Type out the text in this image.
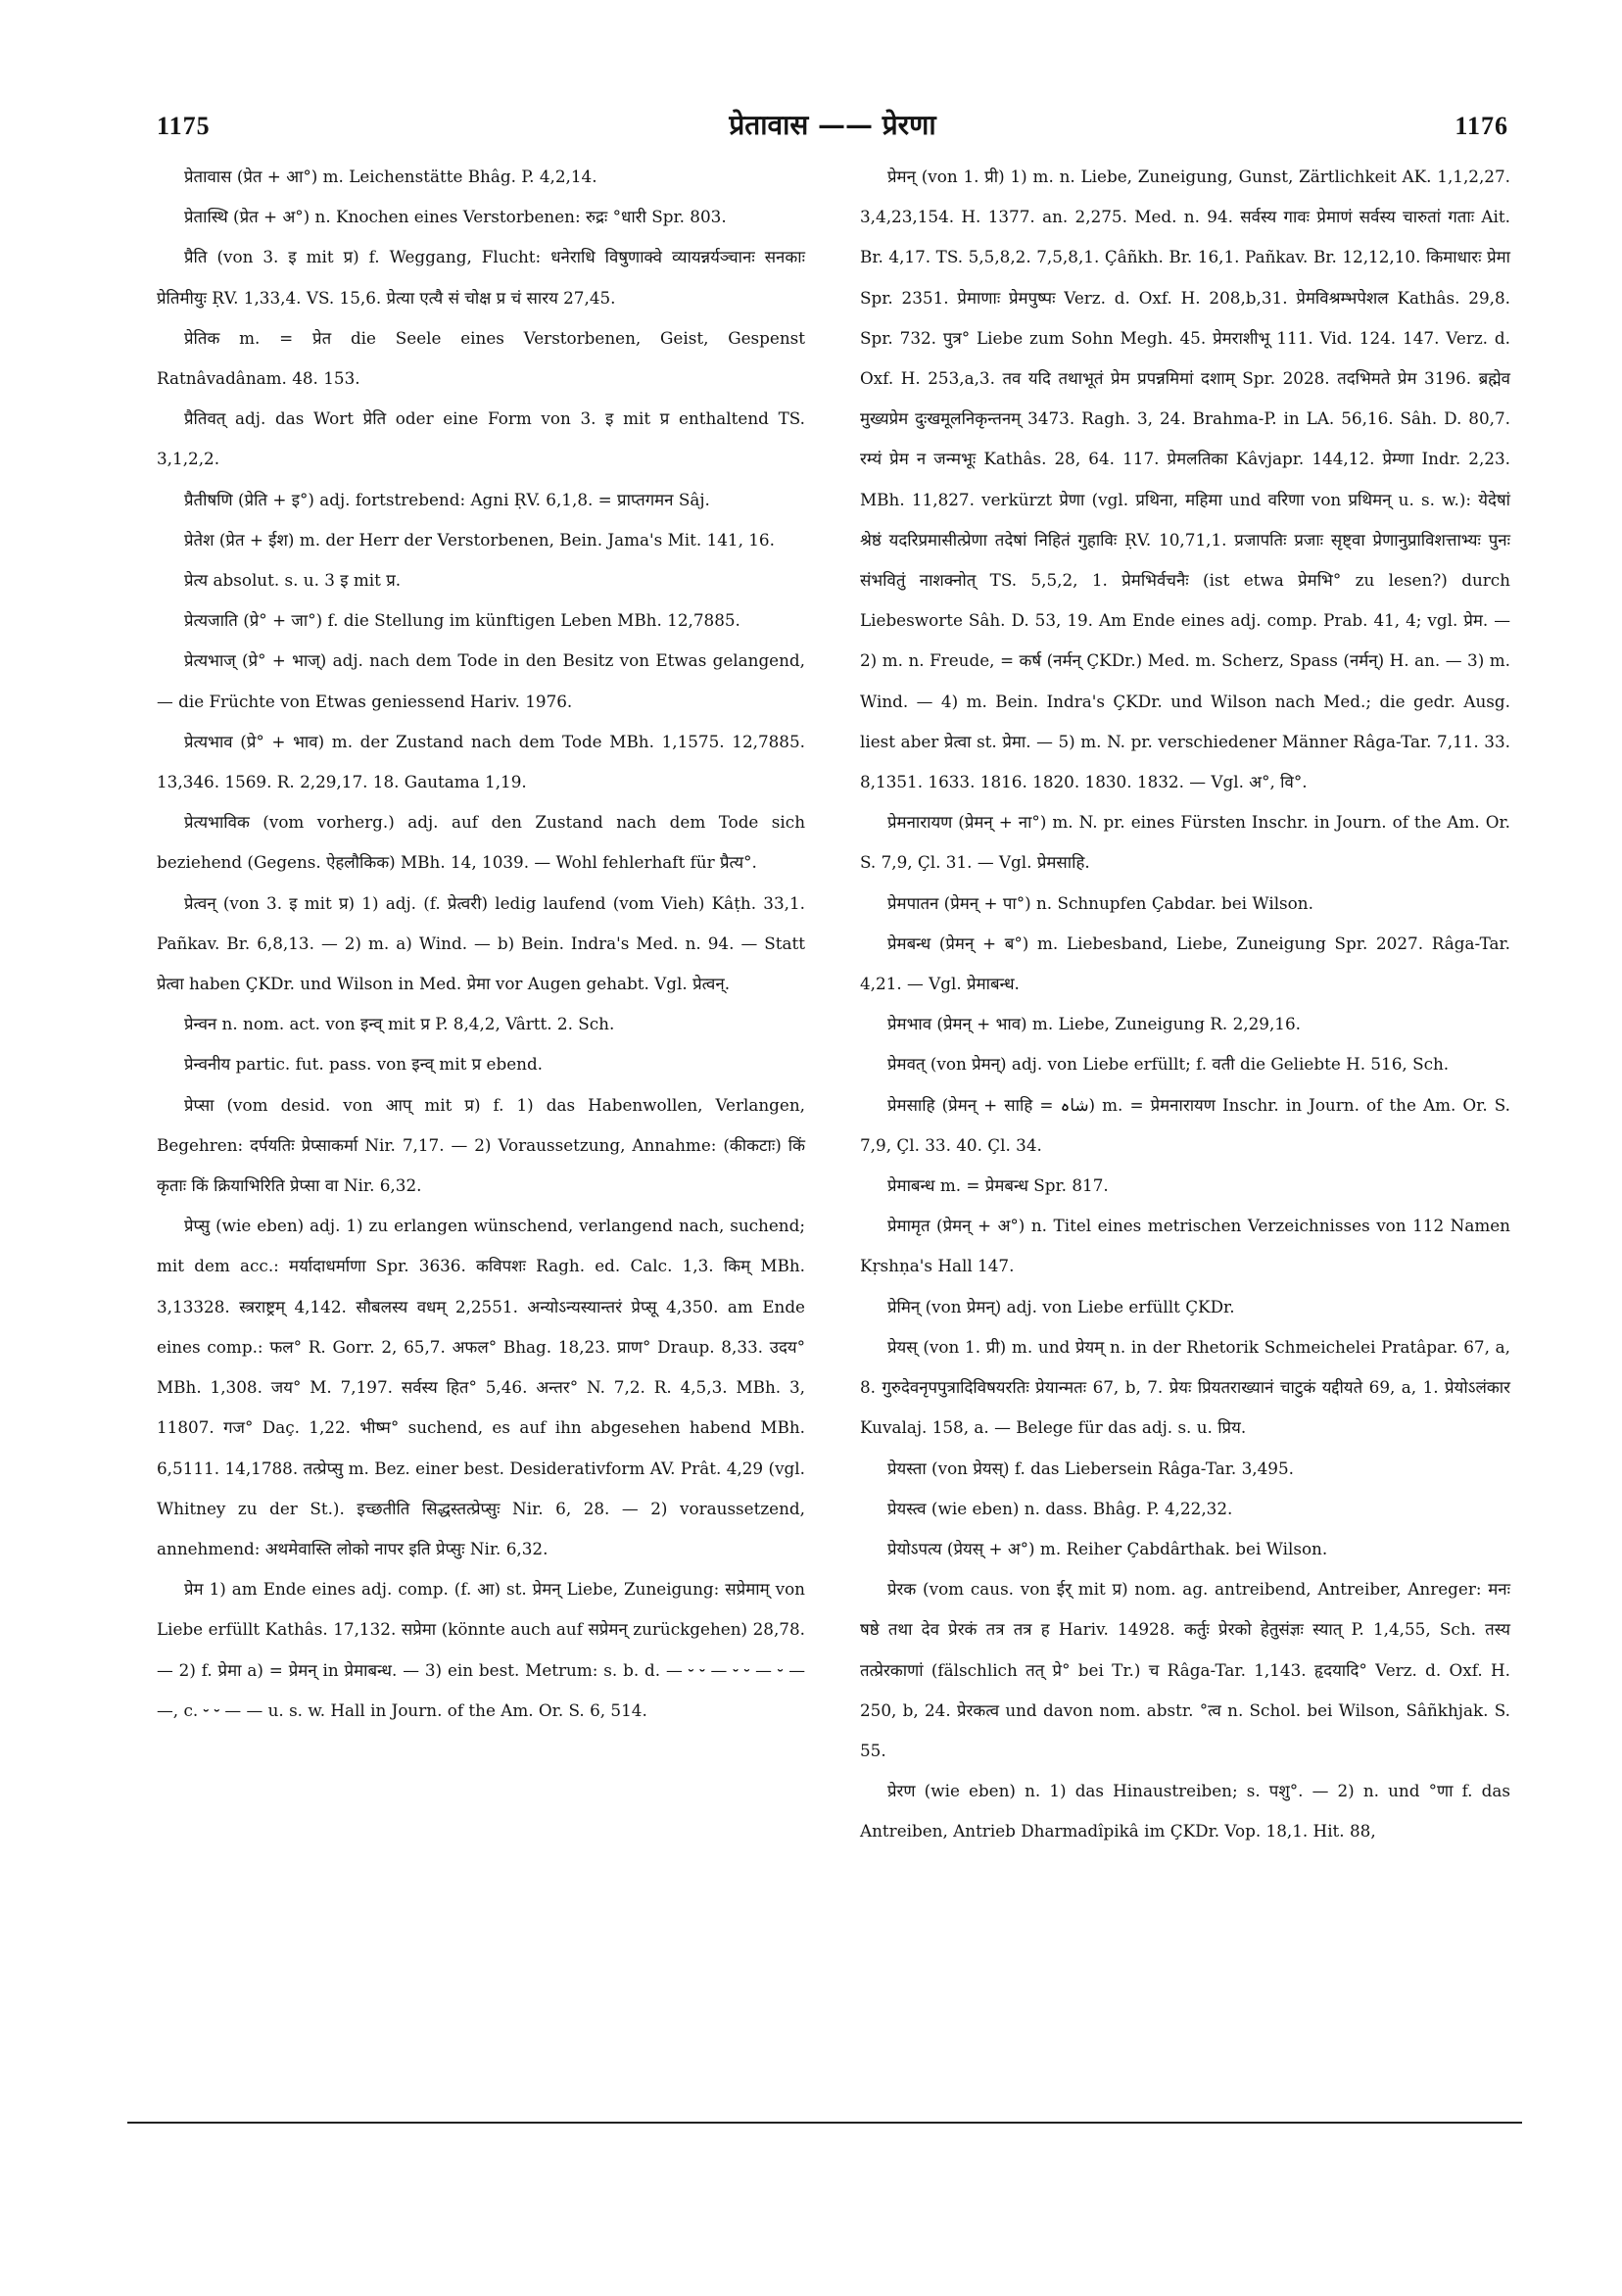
1175	प्रेतावास —— प्रेरणा	1176
प्रेतावास (प्रेत + आ°) m. Leichenstätte Bhâg. P. 4,2,14.
प्रेतास्थि (प्रेत + अ°) n. Knochen eines Verstorbenen: रुद्रः °धारी Spr. 803.
प्रैति (von 3. इ mit प्र) f. Weggang, Flucht: धनेराधि विषुणाक्वे व्यायन्नर्यञ्चानः सनकाः प्रेतिमीयुः ṚV. 1,33,4. VS. 15,6. प्रेत्या एत्यै सं चोक्ष प्र चं सारय 27,45.
प्रेतिक m. = प्रेत die Seele eines Verstorbenen, Geist, Gespenst Ratnâvadânam. 48. 153.
प्रैतिवत् adj. das Wort प्रेति oder eine Form von 3. इ mit प्र enthaltend TS. 3,1,2,2.
प्रैतीषणि (प्रेति + इ°) adj. fortstrebend: Agni ṚV. 6,1,8. = प्राप्तगमन Sâj.
प्रेतेश (प्रेत + ईश) m. der Herr der Verstorbenen, Bein. Jama's Mit. 141, 16.
प्रेत्य absolut. s. u. 3 इ mit प्र.
प्रेत्यजाति (प्रे° + जा°) f. die Stellung im künftigen Leben MBh. 12,7885.
प्रेत्यभाज् (प्रे° + भाज्) adj. nach dem Tode in den Besitz von Etwas gelangend, — die Früchte von Etwas geniessend Hariv. 1976.
प्रेत्यभाव (प्रे° + भाव) m. der Zustand nach dem Tode MBh. 1,1575. 12,7885. 13,346. 1569. R. 2,29,17. 18. Gautama 1,19.
प्रेत्यभाविक (vom vorherg.) adj. auf den Zustand nach dem Tode sich beziehend (Gegens. ऐहलौकिक) MBh. 14, 1039. — Wohl fehlerhaft für प्रैत्य°.
प्रेत्वन् (von 3. इ mit प्र) 1) adj. (f. प्रेत्वरी) ledig laufend (vom Vieh) Kâṭh. 33,1. Pañkav. Br. 6,8,13. — 2) m. a) Wind. — b) Bein. Indra's Med. n. 94. — Statt प्रेत्वा haben ÇKDr. und Wilson in Med. प्रेमा vor Augen gehabt. Vgl. प्रेत्वन्.
प्रेन्वन n. nom. act. von इन्व् mit प्र P. 8,4,2, Vârtt. 2. Sch.
प्रेन्वनीय partic. fut. pass. von इन्व् mit प्र ebend.
प्रेप्सा (vom desid. von आप् mit प्र) f. 1) das Habenwollen, Verlangen, Begehren: दर्पयतिः प्रेप्साकर्मा Nir. 7,17. — 2) Voraussetzung, Annahme: (कीकटाः) किं कृताः किं क्रियाभिरिति प्रेप्सा वा Nir. 6,32.
प्रेप्सु (wie eben) adj. 1) zu erlangen wünschend, verlangend nach, suchend; mit dem acc.: मर्यादाधर्माणा Spr. 3636. कविपशः Ragh. ed. Calc. 1,3. किम् MBh. 3,13328. स्त्रराष्ट्रम् 4,142. सौबलस्य वधम् 2,2551. अन्योऽन्यस्यान्तरं प्रेप्सू 4,350. am Ende eines comp.: फल° R. Gorr. 2, 65,7. अफल° Bhag. 18,23. प्राण° Draup. 8,33. उदय° MBh. 1,308. जय° M. 7,197. सर्वस्य हित° 5,46. अन्तर° N. 7,2. R. 4,5,3. MBh. 3, 11807. गज° Daç. 1,22. भीष्म° suchend, es auf ihn abgesehen habend MBh. 6,5111. 14,1788. तत्प्रेप्सु m. Bez. einer best. Desiderativform AV. Prât. 4,29 (vgl. Whitney zu der St.). इच्छतीति सिद्धस्तत्प्रेप्सुः Nir. 6, 28. — 2) voraussetzend, annehmend: अथमेवास्ति लोको नापर इति प्रेप्सुः Nir. 6,32.
प्रेम 1) am Ende eines adj. comp. (f. आ) st. प्रेमन् Liebe, Zuneigung: सप्रेमाम् von Liebe erfüllt Kathâs. 17,132. सप्रेमा (könnte auch auf सप्रेमन् zurückgehen) 28,78. — 2) f. प्रेमा a) = प्रेमन् in प्रेमाबन्ध. — 3) ein best. Metrum: s. b. d. — ⏑ ⏑ — ⏑ ⏑ — ⏑ — —, c. ⏑ ⏑ — — u. s. w. Hall in Journ. of the Am. Or. S. 6, 514.
प्रेमन् (von 1. प्री) 1) m. n. Liebe, Zuneigung, Gunst, Zärtlichkeit AK. 1,1,2,27. 3,4,23,154. H. 1377. an. 2,275. Med. n. 94. सर्वस्य गावः प्रेमाणं सर्वस्य चारुतां गताः Ait. Br. 4,17. TS. 5,5,8,2. 7,5,8,1. Çâñkh. Br. 16,1. Pañkav. Br. 12,12,10. किमाधारः प्रेमा Spr. 2351. प्रेमाणाः प्रेमपुष्पः Verz. d. Oxf. H. 208,b,31. प्रेमविश्रम्भपेशल Kathâs. 29,8. Spr. 732. पुत्र° Liebe zum Sohn Megh. 45. प्रेमराशीभू 111. Vid. 124. 147. Verz. d. Oxf. H. 253,a,3. तव यदि तथाभूतं प्रेम प्रपन्नमिमां दशाम् Spr. 2028. तदभिमते प्रेम 3196. ब्रह्मेव मुख्यप्रेम दुःखमूलनिकृन्तनम् 3473. Ragh. 3, 24. Brahma-P. in LA. 56,16. Sâh. D. 80,7. रम्यं प्रेम न जन्मभूः Kathâs. 28, 64. 117. प्रेमलतिका Kâvjapr. 144,12. प्रेम्णा Indr. 2,23. MBh. 11,827. verkürzt प्रेणा (vgl. प्रथिना, महिमा und वरिणा von प्रथिमन् u. s. w.): येदेषां श्रेष्ठं यदरिप्रमासीत्प्रेणा तदेषां निहितं गुहाविः ṚV. 10,71,1. प्रजापतिः प्रजाः सृष्ट्वा प्रेणानुप्राविशत्ताभ्यः पुनः संभवितुं नाशक्नोत् TS. 5,5,2, 1. प्रेमभिर्वचनैः (ist etwa प्रेमभि° zu lesen?) durch Liebesworte Sâh. D. 53, 19. Am Ende eines adj. comp. Prab. 41, 4; vgl. प्रेम. — 2) m. n. Freude, = कर्ष (नर्मन् ÇKDr.) Med. m. Scherz, Spass (नर्मन्) H. an. — 3) m. Wind. — 4) m. Bein. Indra's ÇKDr. und Wilson nach Med.; die gedr. Ausg. liest aber प्रेत्वा st. प्रेमा. — 5) m. N. pr. verschiedener Männer Râga-Tar. 7,11. 33. 8,1351. 1633. 1816. 1820. 1830. 1832. — Vgl. अ°, वि°.
प्रेमनारायण (प्रेमन् + ना°) m. N. pr. eines Fürsten Inschr. in Journ. of the Am. Or. S. 7,9, Çl. 31. — Vgl. प्रेमसाहि.
प्रेमपातन (प्रेमन् + पा°) n. Schnupfen Çabdar. bei Wilson.
प्रेमबन्ध (प्रेमन् + ब°) m. Liebesband, Liebe, Zuneigung Spr. 2027. Râga-Tar. 4,21. — Vgl. प्रेमाबन्ध.
प्रेमभाव (प्रेमन् + भाव) m. Liebe, Zuneigung R. 2,29,16.
प्रेमवत् (von प्रेमन्) adj. von Liebe erfüllt; f. वती die Geliebte H. 516, Sch.
प्रेमसाहि (प्रेमन् + साहि = شاہ) m. = प्रेमनारायण Inschr. in Journ. of the Am. Or. S. 7,9, Çl. 33. 40. Çl. 34.
प्रेमाबन्ध m. = प्रेमबन्ध Spr. 817.
प्रेमामृत (प्रेमन् + अ°) n. Titel eines metrischen Verzeichnisses von 112 Namen Kṛshṇa's Hall 147.
प्रेमिन् (von प्रेमन्) adj. von Liebe erfüllt ÇKDr.
प्रेयस् (von 1. प्री) m. und प्रेयम् n. in der Rhetorik Schmeichelei Pratâpar. 67, a, 8. गुरुदेवनृपपुत्रादिविषयरतिः प्रेयान्मतः 67, b, 7. प्रेयः प्रियतराख्यानं चाटुकं यद्दीयते 69, a, 1. प्रेयोऽलंकार Kuvalaj. 158, a. — Belege für das adj. s. u. प्रिय.
प्रेयस्ता (von प्रेयस्) f. das Liebersein Râga-Tar. 3,495.
प्रेयस्त्व (wie eben) n. dass. Bhâg. P. 4,22,32.
प्रेयोऽपत्य (प्रेयस् + अ°) m. Reiher Çabdârthak. bei Wilson.
प्रेरक (vom caus. von ईर् mit प्र) nom. ag. antreibend, Antreiber, Anreger: मनः षष्ठे तथा देव प्रेरकं तत्र तत्र ह Hariv. 14928. कर्तुः प्रेरको हेतुसंज्ञः स्यात् P. 1,4,55, Sch. तस्य तत्प्रेरकाणां (fälschlich तत् प्रे° bei Tr.) च Râga-Tar. 1,143. हृदयादि° Verz. d. Oxf. H. 250, b, 24. प्रेरकत्व und davon nom. abstr. °त्व n. Schol. bei Wilson, Sâñkhjak. S. 55.
प्रेरण (wie eben) n. 1) das Hinaustreiben; s. पशु°. — 2) n. und °णा f. das Antreiben, Antrieb Dharmadîpikâ im ÇKDr. Vop. 18,1. Hit. 88,
